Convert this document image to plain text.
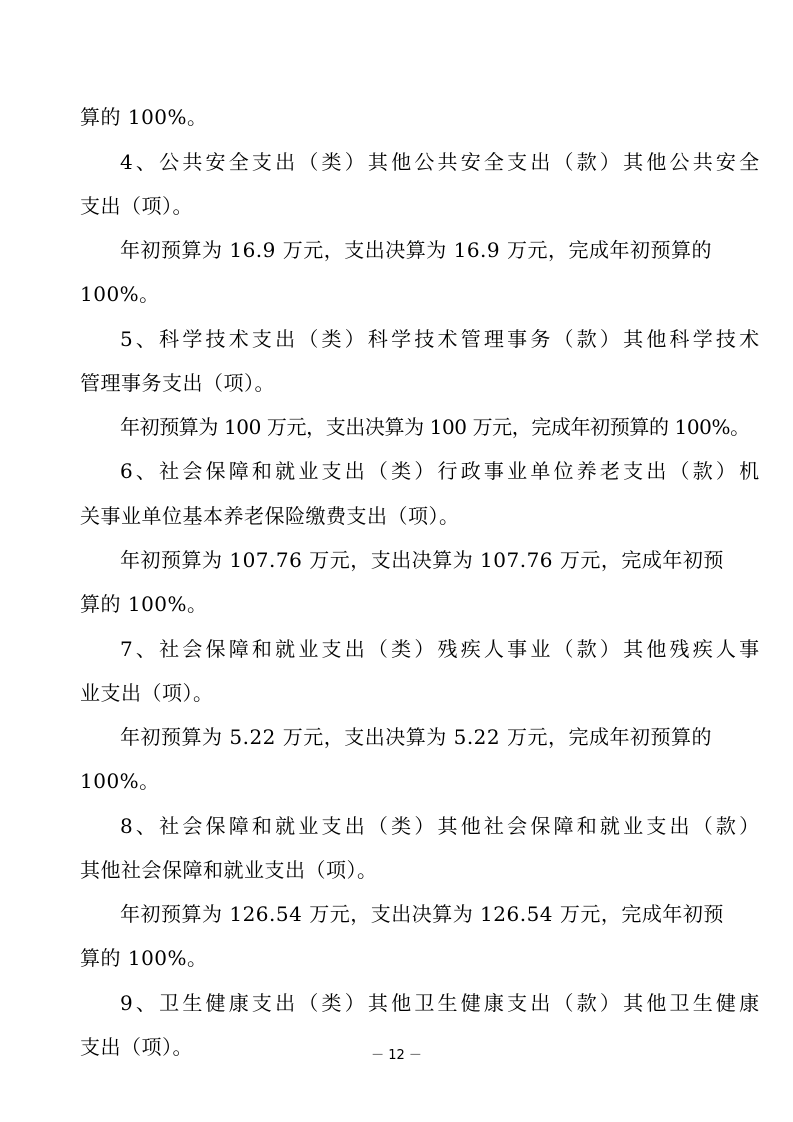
算的 100%。
4、公共安全支出（类）其他公共安全支出（款）其他公共安全
支出（项）。
年初预算为 16.9 万元，支出决算为 16.9 万元，完成年初预算的
100%。
5、科学技术支出（类）科学技术管理事务（款）其他科学技术
管理事务支出（项）。
年初预算为 100 万元，支出决算为 100 万元，完成年初预算的 100%。
6、社会保障和就业支出（类）行政事业单位养老支出（款）机
关事业单位基本养老保险缴费支出（项）。
年初预算为 107.76 万元，支出决算为 107.76 万元，完成年初预
算的 100%。
7、社会保障和就业支出（类）残疾人事业（款）其他残疾人事
业支出（项）。
年初预算为 5.22 万元，支出决算为 5.22 万元，完成年初预算的
100%。
8、社会保障和就业支出（类）其他社会保障和就业支出（款）
其他社会保障和就业支出（项）。
年初预算为 126.54 万元，支出决算为 126.54 万元，完成年初预
算的 100%。
9、卫生健康支出（类）其他卫生健康支出（款）其他卫生健康
支出（项）。	－ 12 －
